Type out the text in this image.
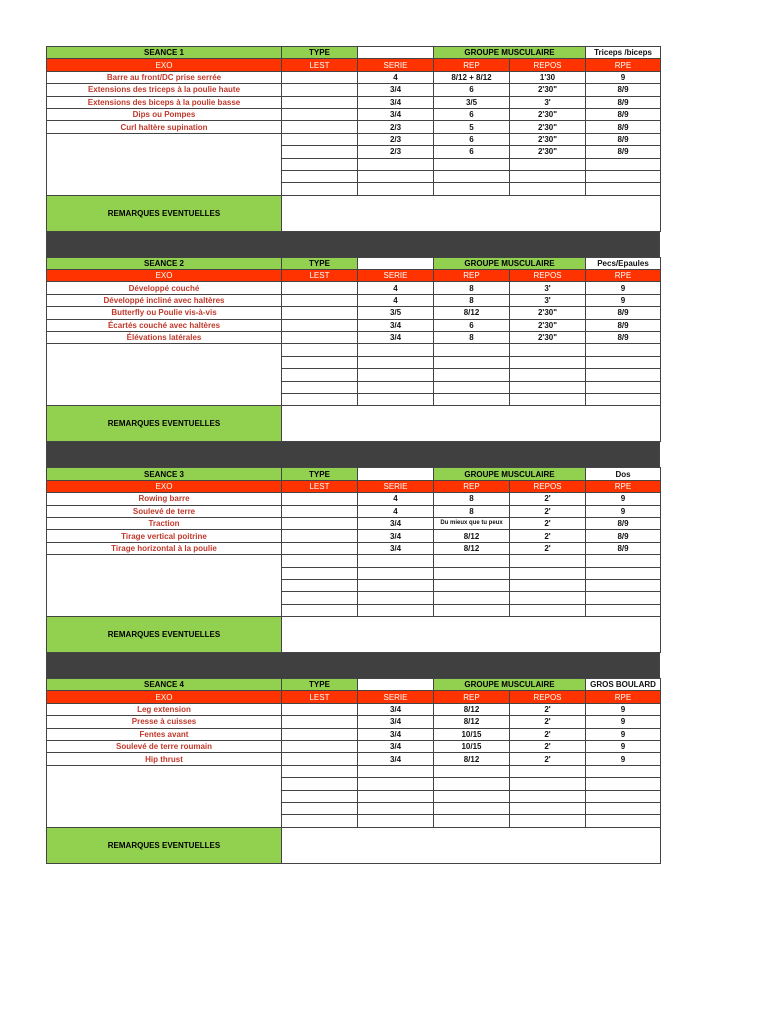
SEANCE 1	TYPE		GROUPE MUSCULAIRE		Triceps /biceps
EXO	LEST	SERIE	REP	REPOS	RPE
Barre au front/DC prise serrée		4	8/12 + 8/12	1'30	9
Extensions des triceps à la poulie haute		3/4	6	2'30"	8/9
Extensions des biceps à la poulie basse		3/4	3/5	3'	8/9
Dips ou Pompes		3/4	6	2'30"	8/9
Curl haltère supination		2/3	5	2'30"	8/9
		2/3	6	2'30"	8/9
		2/3	6	2'30"	8/9

REMARQUES EVENTUELLES					
SEANCE 2	TYPE		GROUPE MUSCULAIRE		Pecs/Epaules
EXO	LEST	SERIE	REP	REPOS	RPE
Développé couché		4	8	3'	9
Développé incliné avec haltères		4	8	3'	9
Butterfly ou Poulie vis-à-vis		3/5	8/12	2'30"	8/9
Écartés couché avec haltères		3/4	6	2'30"	8/9
Élévations latérales		3/4	8	2'30"	8/9

REMARQUES EVENTUELLES					
SEANCE 3	TYPE		GROUPE MUSCULAIRE		Dos
EXO	LEST	SERIE	REP	REPOS	RPE
Rowing barre		4	8	2'	9
Soulevé de terre		4	8	2'	9
Traction		3/4	Du mieux que tu peux	2'	8/9
Tirage vertical poitrine		3/4	8/12	2'	8/9
Tirage horizontal à la poulie		3/4	8/12	2'	8/9

REMARQUES EVENTUELLES					
SEANCE 4	TYPE		GROUPE MUSCULAIRE		GROS BOULARD
EXO	LEST	SERIE	REP	REPOS	RPE
Leg extension		3/4	8/12	2'	9
Presse à cuisses		3/4	8/12	2'	9
Fentes avant		3/4	10/15	2'	9
Soulevé de terre roumain		3/4	10/15	2'	9
Hip thrust		3/4	8/12	2'	9

REMARQUES EVENTUELLES					
